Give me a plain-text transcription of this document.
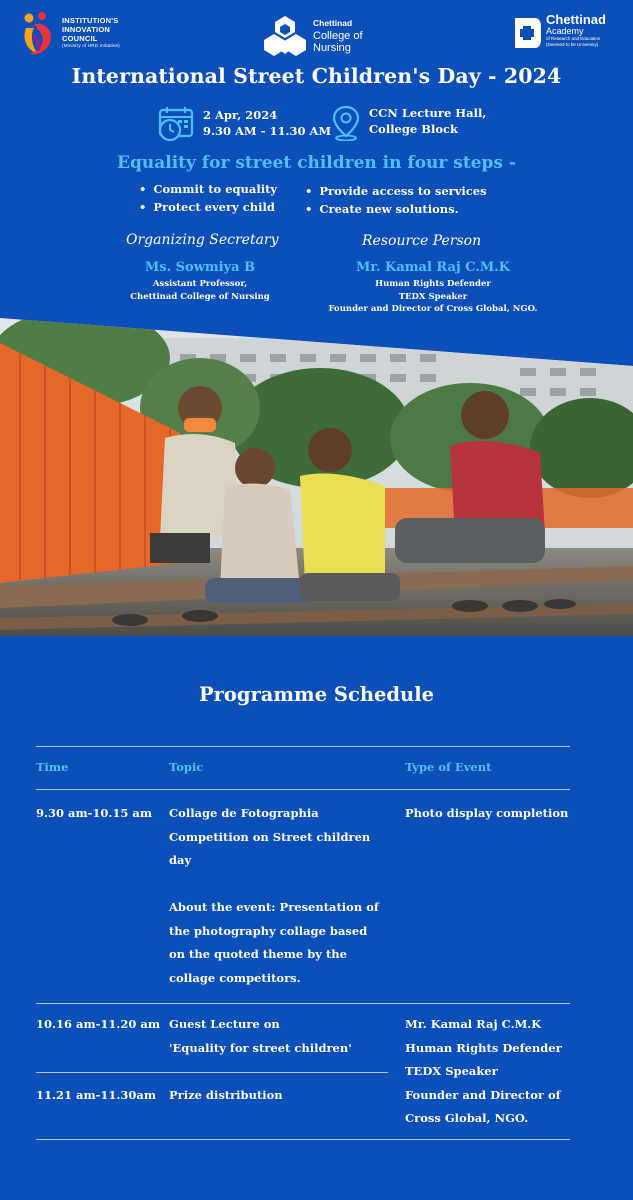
INSTITUTION'S
INNOVATION
COUNCIL
(Ministry of HRD Initiative)
Chettinad
College of
Nursing
Chettinad
Academy
of Research and Education
(Deemed to be University)
International Street Children's Day - 2024
2 Apr, 2024
9.30 AM - 11.30 AM
CCN Lecture Hall,
College Block
Equality for street children in four steps -
• Commit to equality
• Protect every child
• Provide access to services
• Create new solutions.
Organizing Secretary
Ms. Sowmiya B
Assistant Professor,
Chettinad College of Nursing
Resource Person
Mr. Kamal Raj C.M.K
Human Rights Defender
TEDX Speaker
Founder and Director of Cross Global, NGO.
Programme Schedule
Time	Topic	Type of Event
9.30 am-10.15 am Collage de Fotographia
Competition on Street children
day
About the event: Presentation of
the photography collage based
on the quoted theme by the
collage competitors.
Photo display completion
10.16 am-11.20 am Guest Lecture on
'Equality for street children'
11.21 am-11.30am Prize distribution
Mr. Kamal Raj C.M.K
Human Rights Defender
TEDX Speaker
Founder and Director of
Cross Global, NGO.
